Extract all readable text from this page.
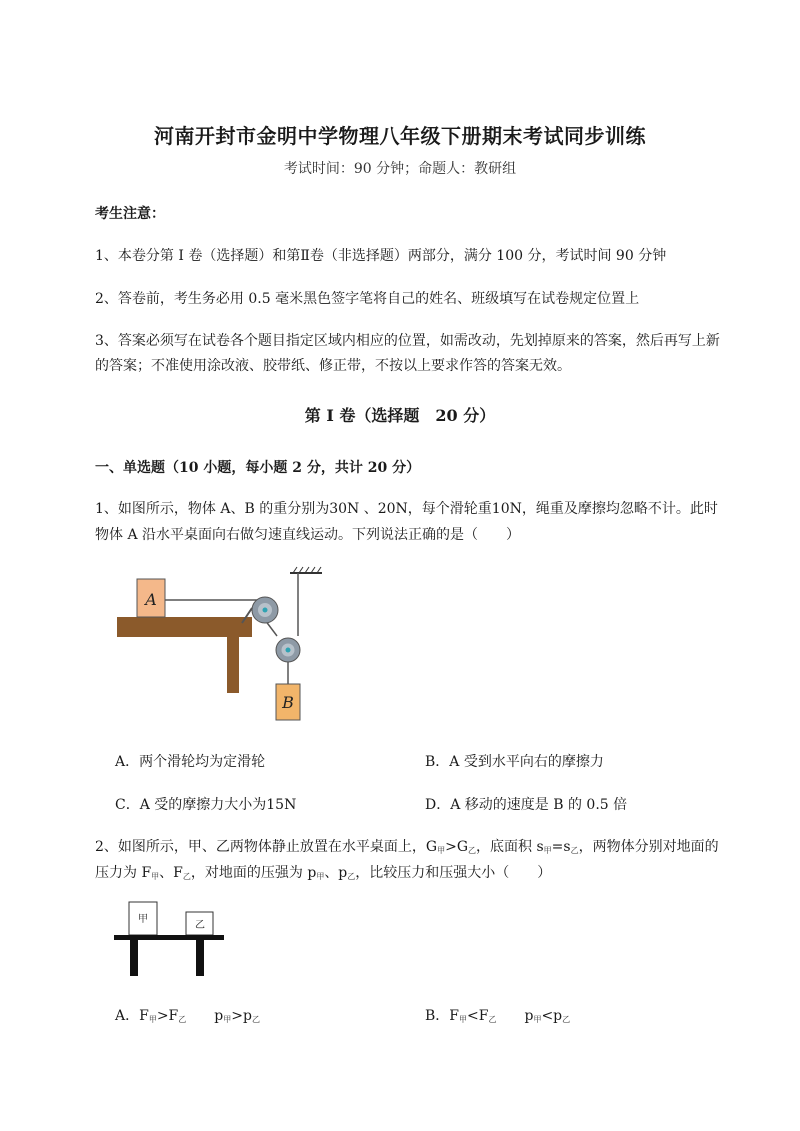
河南开封市金明中学物理八年级下册期末考试同步训练
考试时间：90 分钟；命题人：教研组
考生注意：
1、本卷分第 I 卷（选择题）和第Ⅱ卷（非选择题）两部分，满分 100 分，考试时间 90 分钟
2、答卷前，考生务必用 0.5 毫米黑色签字笔将自己的姓名、班级填写在试卷规定位置上
3、答案必须写在试卷各个题目指定区域内相应的位置，如需改动，先划掉原来的答案，然后再写上新
的答案；不准使用涂改液、胶带纸、修正带，不按以上要求作答的答案无效。
第 I 卷（选择题　20 分）
一、单选题（10 小题，每小题 2 分，共计 20 分）
1、如图所示，物体 A、B 的重分别为30N 、20N，每个滑轮重10N，绳重及摩擦均忽略不计。此时
物体 A 沿水平桌面向右做匀速直线运动。下列说法正确的是（　　）
A
B
A．两个滑轮均为定滑轮	B．A 受到水平向右的摩擦力
C．A 受的摩擦力大小为15N	D．A 移动的速度是 B 的 0.5 倍
2、如图所示，甲、乙两物体静止放置在水平桌面上，$G_甲>G_乙$，底面积 $s_甲=s_乙$，两物体分别对地面的
压力为 $F_甲$、$F_乙$，对地面的压强为 $p_甲$、$p_乙$，比较压力和压强大小（　　）
甲
乙
A．$F_甲>F_乙$　　$p_甲>p_乙$	B．$F_甲<F_乙$　　$p_甲<p_乙$
